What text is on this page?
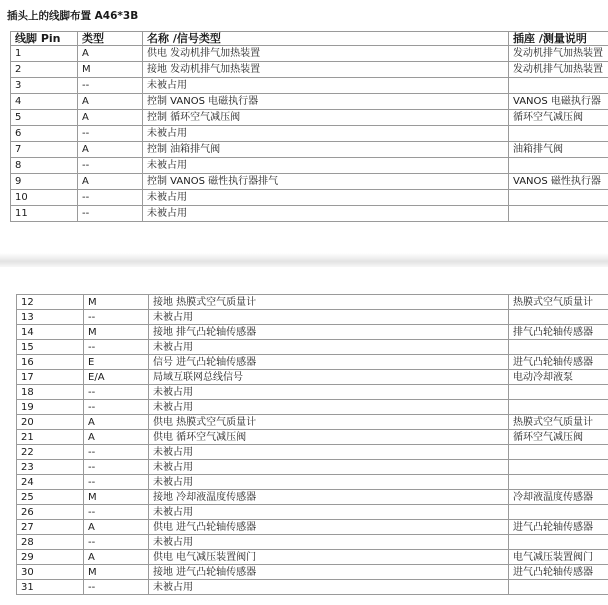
插头上的线脚布置 A46*3B
线脚 Pin	类型	名称 /信号类型	插座 /测量说明
1	A	供电 发动机排气加热装置	发动机排气加热装置
2	M	接地 发动机排气加热装置	发动机排气加热装置
3	--	未被占用	
4	A	控制 VANOS 电磁执行器	VANOS 电磁执行器
5	A	控制 循环空气减压阀	循环空气减压阀
6	--	未被占用	
7	A	控制 油箱排气阀	油箱排气阀
8	--	未被占用	
9	A	控制 VANOS 磁性执行器排气	VANOS 磁性执行器
10	--	未被占用	
11	--	未被占用	
12	M	接地 热膜式空气质量计	热膜式空气质量计
13	--	未被占用	
14	M	接地 排气凸轮轴传感器	排气凸轮轴传感器
15	--	未被占用	
16	E	信号 进气凸轮轴传感器	进气凸轮轴传感器
17	E/A	局域互联网总线信号	电动冷却液泵
18	--	未被占用	
19	--	未被占用	
20	A	供电 热膜式空气质量计	热膜式空气质量计
21	A	供电 循环空气减压阀	循环空气减压阀
22	--	未被占用	
23	--	未被占用	
24	--	未被占用	
25	M	接地 冷却液温度传感器	冷却液温度传感器
26	--	未被占用	
27	A	供电 进气凸轮轴传感器	进气凸轮轴传感器
28	--	未被占用	
29	A	供电 电气减压装置阀门	电气减压装置阀门
30	M	接地 进气凸轮轴传感器	进气凸轮轴传感器
31	--	未被占用	
